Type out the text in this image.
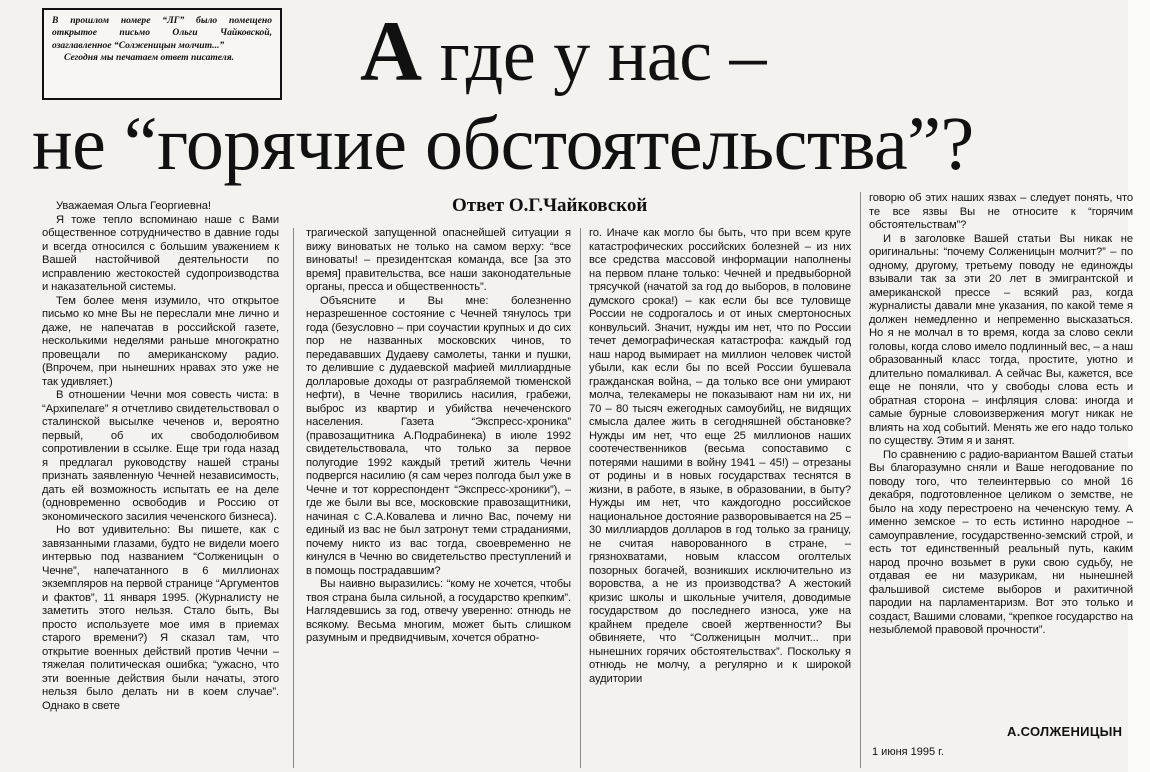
В прошлом номере “ЛГ” было помещено открытое письмо Ольги Чайковской, озаглавленное “Солженицын молчит...”

Сегодня мы печатаем ответ писателя.	А где у нас –
не “горячие обстоятельства”?
Ответ О.Г.Чайковской

Уважаемая Ольга Георгиевна!

Я тоже тепло вспоминаю наше с Вами общественное сотрудничество в давние годы и всегда относился с большим уважением к Вашей настойчивой деятельности по исправлению жестокостей судопроизводства и наказательной системы.

Тем более меня изумило, что открытое письмо ко мне Вы не переслали мне лично и даже, не напечатав в российской газете, несколькими неделями раньше многократно провещали по американскому радио. (Впрочем, при нынешних нравах это уже не так удивляет.)

В отношении Чечни моя совесть чиста: в “Архипелаге” я отчетливо свидетельствовал о сталинской высылке чеченов и, вероятно первый, об их свободолюбивом сопротивлении в ссылке. Еще три года назад я предлагал руководству нашей страны признать заявленную Чечней независимость, дать ей возможность испытать ее на деле (одновременно освободив и Россию от экономического засилия чеченского бизнеса).

Но вот удивительно: Вы пишете, как с завязанными глазами, будто не видели моего интервью под названием “Солженицын о Чечне”, напечатанного в 6 миллионах экземпляров на первой странице “Аргументов и фактов”, 11 января 1995. (Журналисту не заметить этого нельзя. Стало быть, Вы просто используете мое имя в приемах старого времени?) Я сказал там, что открытие военных действий против Чечни – тяжелая политическая ошибка; “ужасно, что эти военные действия были начаты, этого нельзя было делать ни в коем случае”. Однако в свете

трагической запущенной опаснейшей ситуации я вижу виноватых не только на самом верху: “все виноваты! – президентская команда, все [за это время] правительства, все наши законодательные органы, пресса и общественность”.

Объясните и Вы мне: болезненно неразрешенное состояние с Чечней тянулось три года (безусловно – при соучастии крупных и до сих пор не названных московских чинов, то передававших Дудаеву самолеты, танки и пушки, то делившие с дудаевской мафией миллиардные долларовые доходы от разграбляемой тюменской нефти), в Чечне творились насилия, грабежи, выброс из квартир и убийства нечеченского населения. Газета “Экспресс-хроника” (правозащитника А.Подрабинека) в июле 1992 свидетельствовала, что только за первое полугодие 1992 каждый третий житель Чечни подвергся насилию (я сам через полгода был уже в Чечне и тот корреспондент “Экспресс-хроники”), – где же были вы все, московские правозащитники, начиная с С.А.Ковалева и лично Вас, почему ни единый из вас не был затронут теми страданиями, почему никто из вас тогда, своевременно не кинулся в Чечню во свидетельство преступлений и в помощь пострадавшим?

Вы наивно выразились: “кому не хочется, чтобы твоя страна была сильной, а государство крепким”. Наглядевшись за год, отвечу уверенно: отнюдь не всякому. Весьма многим, может быть слишком разумным и предвидчивым, хочется обратно-

го. Иначе как могло бы быть, что при всем круге катастрофических российских болезней – из них все средства массовой информации наполнены на первом плане только: Чечней и предвыборной трясучкой (начатой за год до выборов, в половине думского срока!) – как если бы все туловище России не содрогалось и от иных смертоносных конвульсий. Значит, нужды им нет, что по России течет демографическая катастрофа: каждый год наш народ вымирает на миллион человек чистой убыли, как если бы по всей России бушевала гражданская война, – да только все они умирают молча, телекамеры не показывают нам ни их, ни 70 – 80 тысяч ежегодных самоубийц, не видящих смысла далее жить в сегодняшней обстановке? Нужды им нет, что еще 25 миллионов наших соотечественников (весьма сопоставимо с потерями нашими в войну 1941 – 45!) – отрезаны от родины и в новых государствах теснятся в жизни, в работе, в языке, в образовании, в быту? Нужды им нет, что каждогодно российское национальное достояние разворовывается на 25 – 30 миллиардов долларов в год только за границу, не считая наворованного в стране, – грязнохватами, новым классом оголтелых позорных богачей, возникших исключительно из воровства, а не из производства? А жестокий кризис школы и школьные учителя, доводимые государством до последнего износа, уже на крайнем пределе своей жертвенности? Вы обвиняете, что “Солженицын молчит... при нынешних горячих обстоятельствах”. Поскольку я отнюдь не молчу, а регулярно и к широкой аудитории

говорю об этих наших язвах – следует понять, что те все язвы Вы не относите к “горячим обстоятельствам”?

И в заголовке Вашей статьи Вы никак не оригинальны: “почему Солженицын молчит?” – по одному, другому, третьему поводу не единожды взывали так за эти 20 лет в эмигрантской и американской прессе – всякий раз, когда журналисты давали мне указания, по какой теме я должен немедленно и непременно высказаться. Но я не молчал в то время, когда за слово секли головы, когда слово имело подлинный вес, – а наш образованный класс тогда, простите, уютно и длительно помалкивал. А сейчас Вы, кажется, все еще не поняли, что у свободы слова есть и обратная сторона – инфляция слова: иногда и самые бурные словоизвержения могут никак не влиять на ход событий. Менять же его надо только по существу. Этим я и занят.

По сравнению с радио-вариантом Вашей статьи Вы благоразумно сняли и Ваше негодование по поводу того, что телеинтервью со мной 16 декабря, подготовленное целиком о земстве, не было на ходу перестроено на чеченскую тему. А именно земское – то есть истинно народное – самоуправление, государственно-земский строй, и есть тот единственный реальный путь, каким народ прочно возьмет в руки свою судьбу, не отдавая ее ни мазурикам, ни нынешней фальшивой системе выборов и рахитичной пародии на парламентаризм. Вот это только и создаст, Вашими словами, “крепкое государство на незыблемой правовой прочности”.

А.СОЛЖЕНИЦЫН
1 июня 1995 г.
